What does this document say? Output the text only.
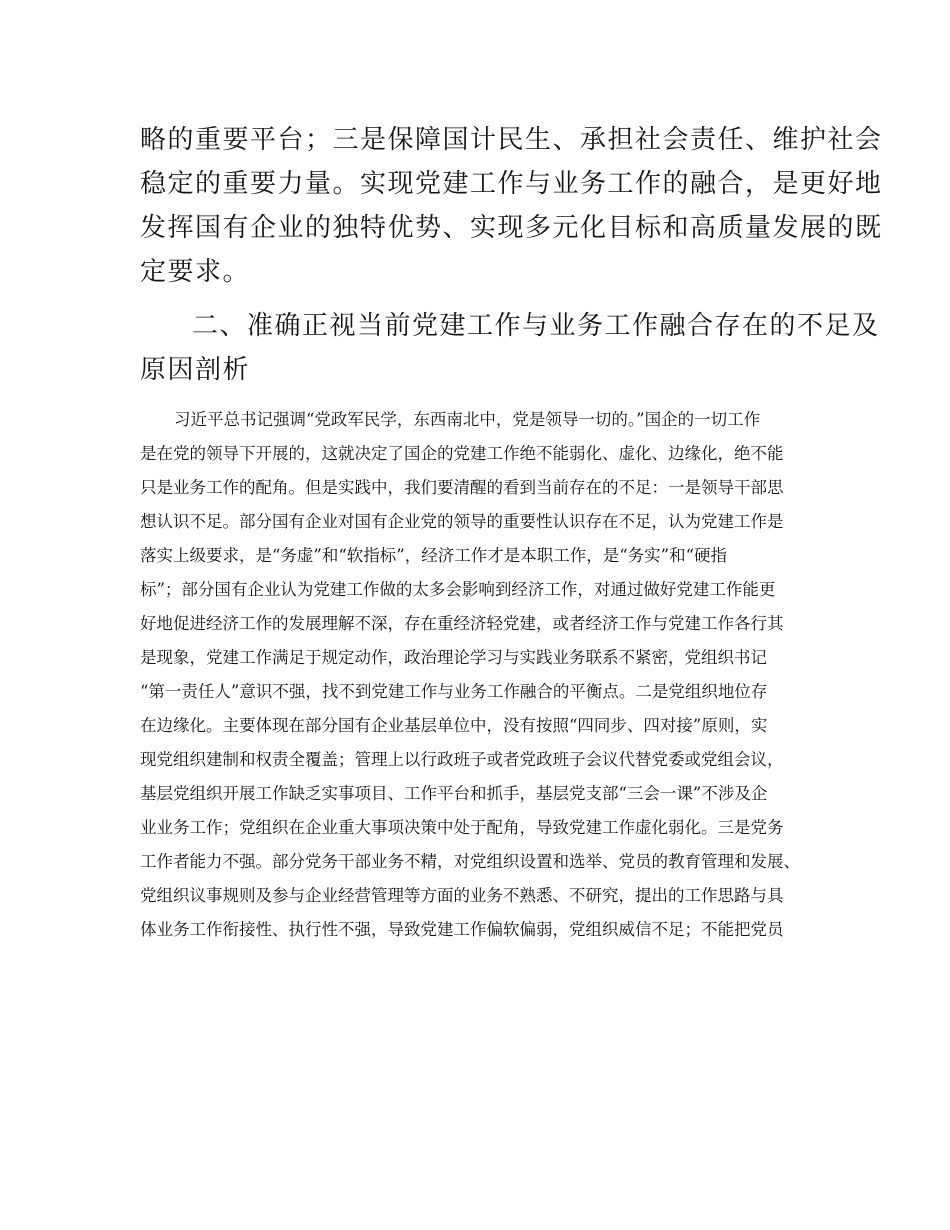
略的重要平台；三是保障国计民生、承担社会责任、维护社会
稳定的重要力量。实现党建工作与业务工作的融合，是更好地
发挥国有企业的独特优势、实现多元化目标和高质量发展的既
定要求。
二、准确正视当前党建工作与业务工作融合存在的不足及
原因剖析
习近平总书记强调“党政军民学，东西南北中，党是领导一切的。”国企的一切工作
是在党的领导下开展的，这就决定了国企的党建工作绝不能弱化、虚化、边缘化，绝不能
只是业务工作的配角。但是实践中，我们要清醒的看到当前存在的不足：一是领导干部思
想认识不足。部分国有企业对国有企业党的领导的重要性认识存在不足，认为党建工作是
落实上级要求，是“务虚”和“软指标”，经济工作才是本职工作，是“务实”和“硬指
标”；部分国有企业认为党建工作做的太多会影响到经济工作，对通过做好党建工作能更
好地促进经济工作的发展理解不深，存在重经济轻党建，或者经济工作与党建工作各行其
是现象，党建工作满足于规定动作，政治理论学习与实践业务联系不紧密，党组织书记
“第一责任人”意识不强，找不到党建工作与业务工作融合的平衡点。二是党组织地位存
在边缘化。主要体现在部分国有企业基层单位中，没有按照“四同步、四对接”原则，实
现党组织建制和权责全覆盖；管理上以行政班子或者党政班子会议代替党委或党组会议，
基层党组织开展工作缺乏实事项目、工作平台和抓手，基层党支部“三会一课”不涉及企
业业务工作；党组织在企业重大事项决策中处于配角，导致党建工作虚化弱化。三是党务
工作者能力不强。部分党务干部业务不精，对党组织设置和选举、党员的教育管理和发展、
党组织议事规则及参与企业经营管理等方面的业务不熟悉、不研究，提出的工作思路与具
体业务工作衔接性、执行性不强，导致党建工作偏软偏弱，党组织威信不足；不能把党员
